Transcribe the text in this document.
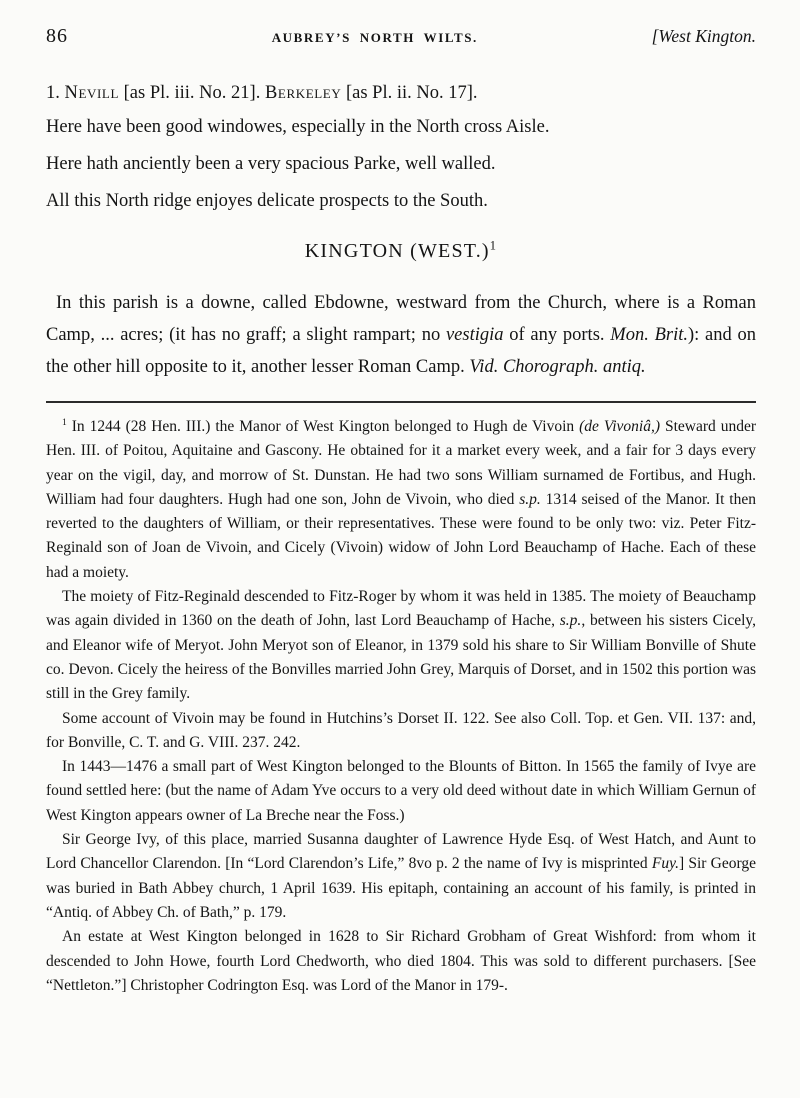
86	AUBREY’S NORTH WILTS.	[West Kington.

1. Nevill [as Pl. iii. No. 21]. Berkeley [as Pl. ii. No. 17].

Here have been good windowes, especially in the North cross Aisle.

Here hath anciently been a very spacious Parke, well walled.

All this North ridge enjoyes delicate prospects to the South.

KINGTON (WEST.)$^1$

In this parish is a downe, called Ebdowne, westward from the Church, where is a Roman Camp, ... acres; (it has no graff; a slight rampart; no vestigia of any ports. Mon. Brit.): and on the other hill opposite to it, another lesser Roman Camp. Vid. Chorograph. antiq.

$^1$ In 1244 (28 Hen. III.) the Manor of West Kington belonged to Hugh de Vivoin (de Vivoniâ,) Steward under Hen. III. of Poitou, Aquitaine and Gascony. He obtained for it a market every week, and a fair for 3 days every year on the vigil, day, and morrow of St. Dunstan. He had two sons William surnamed de Fortibus, and Hugh. William had four daughters. Hugh had one son, John de Vivoin, who died s.p. 1314 seised of the Manor. It then reverted to the daughters of William, or their representatives. These were found to be only two: viz. Peter Fitz-Reginald son of Joan de Vivoin, and Cicely (Vivoin) widow of John Lord Beauchamp of Hache. Each of these had a moiety.

The moiety of Fitz-Reginald descended to Fitz-Roger by whom it was held in 1385. The moiety of Beauchamp was again divided in 1360 on the death of John, last Lord Beauchamp of Hache, s.p., between his sisters Cicely, and Eleanor wife of Meryot. John Meryot son of Eleanor, in 1379 sold his share to Sir William Bonville of Shute co. Devon. Cicely the heiress of the Bonvilles married John Grey, Marquis of Dorset, and in 1502 this portion was still in the Grey family.

Some account of Vivoin may be found in Hutchins’s Dorset II. 122. See also Coll. Top. et Gen. VII. 137: and, for Bonville, C. T. and G. VIII. 237. 242.

In 1443—1476 a small part of West Kington belonged to the Blounts of Bitton. In 1565 the family of Ivye are found settled here: (but the name of Adam Yve occurs to a very old deed without date in which William Gernun of West Kington appears owner of La Breche near the Foss.)

Sir George Ivy, of this place, married Susanna daughter of Lawrence Hyde Esq. of West Hatch, and Aunt to Lord Chancellor Clarendon. [In “Lord Clarendon’s Life,” 8vo p. 2 the name of Ivy is misprinted Fuy.] Sir George was buried in Bath Abbey church, 1 April 1639. His epitaph, containing an account of his family, is printed in “Antiq. of Abbey Ch. of Bath,” p. 179.

An estate at West Kington belonged in 1628 to Sir Richard Grobham of Great Wishford: from whom it descended to John Howe, fourth Lord Chedworth, who died 1804. This was sold to different purchasers. [See “Nettleton.”] Christopher Codrington Esq. was Lord of the Manor in 179-.
